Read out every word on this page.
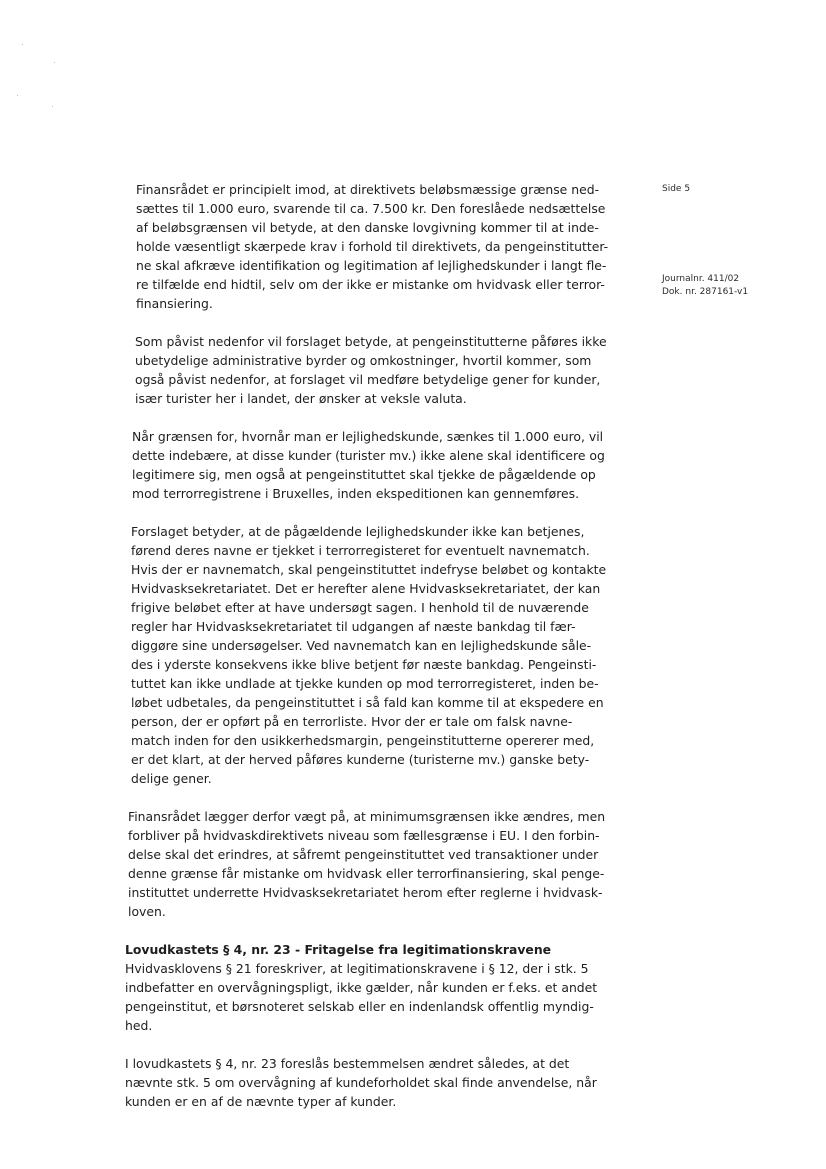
Side 5
Journalnr. 411/02
Dok. nr. 287161-v1

Finansrådet er principielt imod, at direktivets beløbsmæssige grænse ned-
sættes til 1.000 euro, svarende til ca. 7.500 kr. Den foreslåede nedsættelse
af beløbsgrænsen vil betyde, at den danske lovgivning kommer til at inde-
holde væsentligt skærpede krav i forhold til direktivets, da pengeinstitutter-
ne skal afkræve identifikation og legitimation af lejlighedskunder i langt fle-
re tilfælde end hidtil, selv om der ikke er mistanke om hvidvask eller terror-
finansiering.

Som påvist nedenfor vil forslaget betyde, at pengeinstitutterne påføres ikke
ubetydelige administrative byrder og omkostninger, hvortil kommer, som
også påvist nedenfor, at forslaget vil medføre betydelige gener for kunder,
især turister her i landet, der ønsker at veksle valuta.

Når grænsen for, hvornår man er lejlighedskunde, sænkes til 1.000 euro, vil
dette indebære, at disse kunder (turister mv.) ikke alene skal identificere og
legitimere sig, men også at pengeinstituttet skal tjekke de pågældende op
mod terrorregistrene i Bruxelles, inden ekspeditionen kan gennemføres.

Forslaget betyder, at de pågældende lejlighedskunder ikke kan betjenes,
førend deres navne er tjekket i terrorregisteret for eventuelt navnematch.
Hvis der er navnematch, skal pengeinstituttet indefryse beløbet og kontakte
Hvidvasksekretariatet. Det er herefter alene Hvidvasksekretariatet, der kan
frigive beløbet efter at have undersøgt sagen. I henhold til de nuværende
regler har Hvidvasksekretariatet til udgangen af næste bankdag til fær-
diggøre sine undersøgelser. Ved navnematch kan en lejlighedskunde såle-
des i yderste konsekvens ikke blive betjent før næste bankdag. Pengeinsti-
tuttet kan ikke undlade at tjekke kunden op mod terrorregisteret, inden be-
løbet udbetales, da pengeinstituttet i så fald kan komme til at ekspedere en
person, der er opført på en terrorliste. Hvor der er tale om falsk navne-
match inden for den usikkerhedsmargin, pengeinstitutterne opererer med,
er det klart, at der herved påføres kunderne (turisterne mv.) ganske bety-
delige gener.

Finansrådet lægger derfor vægt på, at minimumsgrænsen ikke ændres, men
forbliver på hvidvaskdirektivets niveau som fællesgrænse i EU. I den forbin-
delse skal det erindres, at såfremt pengeinstituttet ved transaktioner under
denne grænse får mistanke om hvidvask eller terrorfinansiering, skal penge-
instituttet underrette Hvidvasksekretariatet herom efter reglerne i hvidvask-
loven.

Lovudkastets § 4, nr. 23 - Fritagelse fra legitimationskravene

Hvidvasklovens § 21 foreskriver, at legitimationskravene i § 12, der i stk. 5
indbefatter en overvågningspligt, ikke gælder, når kunden er f.eks. et andet
pengeinstitut, et børsnoteret selskab eller en indenlandsk offentlig myndig-
hed.

I lovudkastets § 4, nr. 23 foreslås bestemmelsen ændret således, at det
nævnte stk. 5 om overvågning af kundeforholdet skal finde anvendelse, når
kunden er en af de nævnte typer af kunder.
